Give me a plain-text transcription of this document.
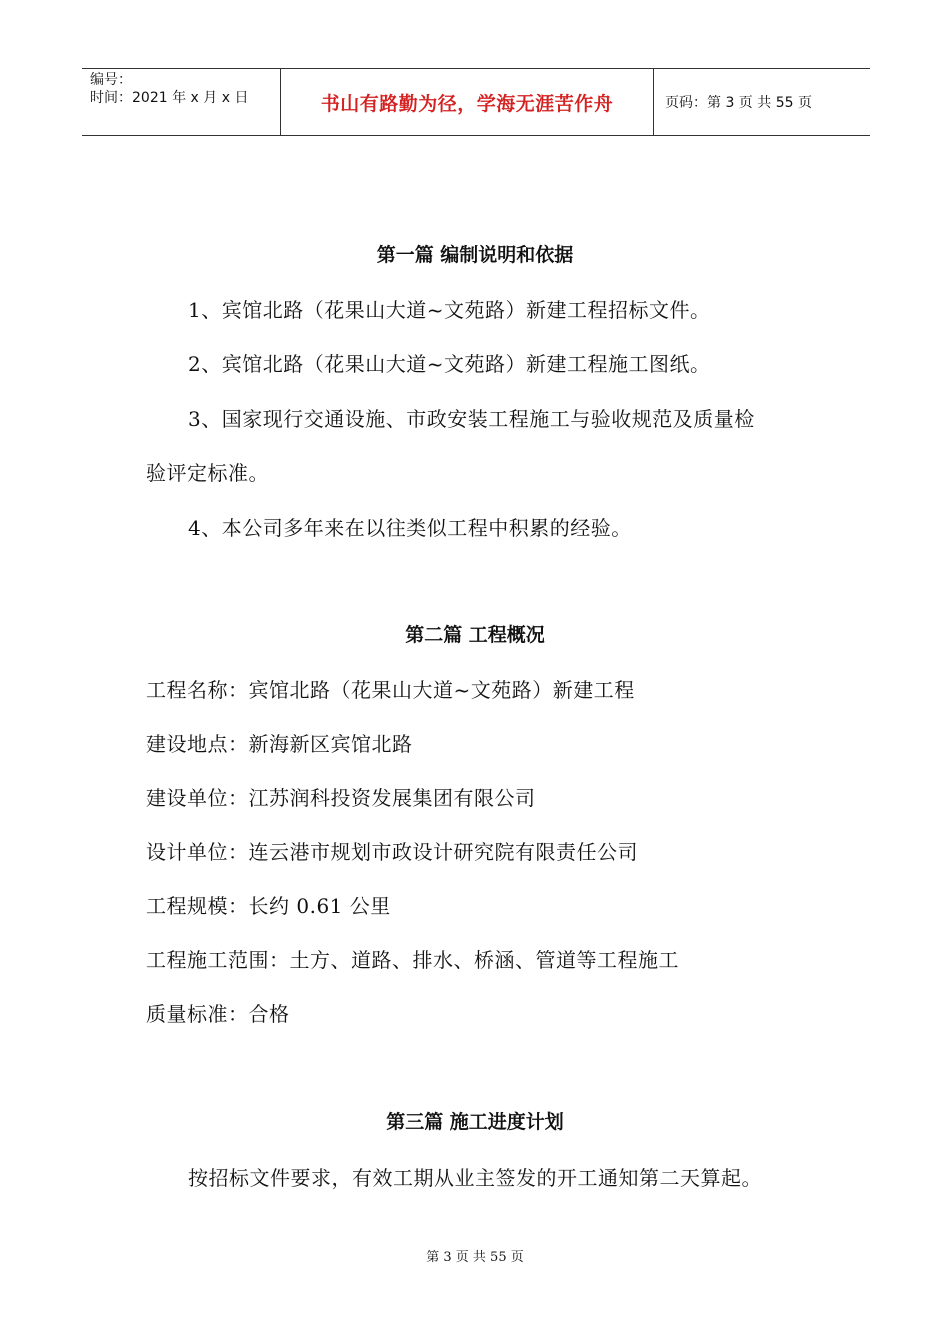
编号：
时间：2021 年 x 月 x 日	书山有路勤为径，学海无涯苦作舟	页码：第 3 页 共 55 页
第一篇 编制说明和依据
1、宾馆北路（花果山大道~文苑路）新建工程招标文件。
2、宾馆北路（花果山大道~文苑路）新建工程施工图纸。
3、国家现行交通设施、市政安装工程施工与验收规范及质量检
验评定标准。
4、本公司多年来在以往类似工程中积累的经验。
第二篇 工程概况
工程名称：宾馆北路（花果山大道~文苑路）新建工程
建设地点：新海新区宾馆北路
建设单位：江苏润科投资发展集团有限公司
设计单位：连云港市规划市政设计研究院有限责任公司
工程规模：长约 0.61 公里
工程施工范围：土方、道路、排水、桥涵、管道等工程施工
质量标准：合格
第三篇 施工进度计划
按招标文件要求，有效工期从业主签发的开工通知第二天算起。
第 3 页 共 55 页
